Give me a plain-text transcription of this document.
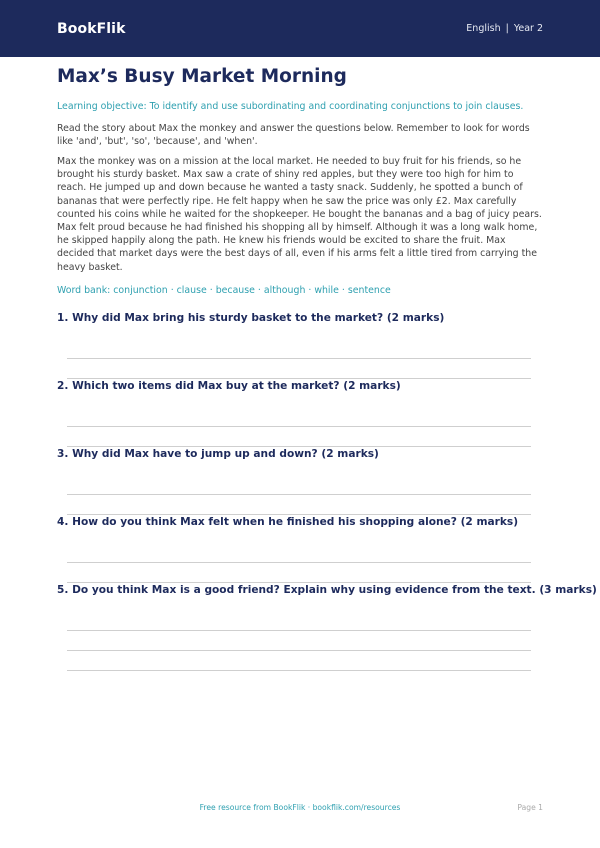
BookFlik	English | Year 2
Max’s Busy Market Morning

Learning objective: To identify and use subordinating and coordinating conjunctions to join clauses.

Read the story about Max the monkey and answer the questions below. Remember to look for words like 'and', 'but', 'so', 'because', and 'when'.

Max the monkey was on a mission at the local market. He needed to buy fruit for his friends, so he brought his sturdy basket. Max saw a crate of shiny red apples, but they were too high for him to reach. He jumped up and down because he wanted a tasty snack. Suddenly, he spotted a bunch of bananas that were perfectly ripe. He felt happy when he saw the price was only £2. Max carefully counted his coins while he waited for the shopkeeper. He bought the bananas and a bag of juicy pears. Max felt proud because he had finished his shopping all by himself. Although it was a long walk home, he skipped happily along the path. He knew his friends would be excited to share the fruit. Max decided that market days were the best days of all, even if his arms felt a little tired from carrying the heavy basket.

Word bank: conjunction · clause · because · although · while · sentence

1. Why did Max bring his sturdy basket to the market? (2 marks)
2. Which two items did Max buy at the market? (2 marks)
3. Why did Max have to jump up and down? (2 marks)
4. How do you think Max felt when he finished his shopping alone? (2 marks)
5. Do you think Max is a good friend? Explain why using evidence from the text. (3 marks)
Free resource from BookFlik · bookflik.com/resources	Page 1
